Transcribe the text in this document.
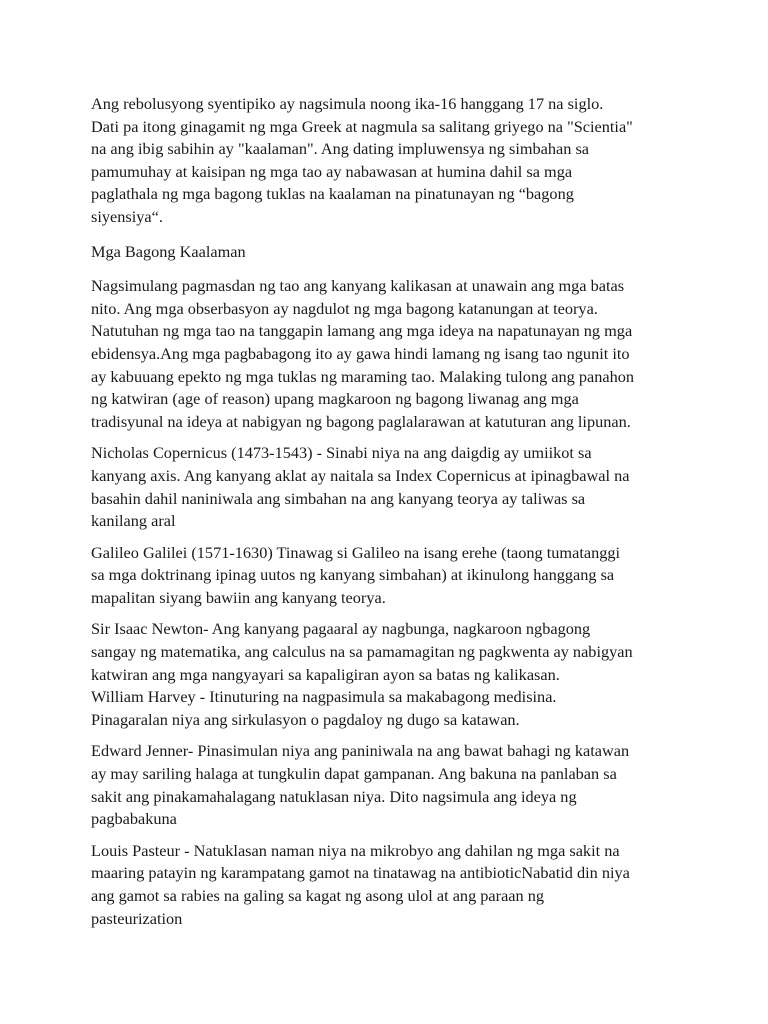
Ang rebolusyong syentipiko ay nagsimula noong ika-16 hanggang 17 na siglo.
Dati pa itong ginagamit ng mga Greek at nagmula sa salitang griyego na "Scientia"
na ang ibig sabihin ay "kaalaman". Ang dating impluwensya ng simbahan sa
pamumuhay at kaisipan ng mga tao ay nabawasan at humina dahil sa mga
paglathala ng mga bagong tuklas na kaalaman na pinatunayan ng “bagong
siyensiya“.

Mga Bagong Kaalaman

Nagsimulang pagmasdan ng tao ang kanyang kalikasan at unawain ang mga batas
nito. Ang mga obserbasyon ay nagdulot ng mga bagong katanungan at teorya.
Natutuhan ng mga tao na tanggapin lamang ang mga ideya na napatunayan ng mga
ebidensya.Ang mga pagbabagong ito ay gawa hindi lamang ng isang tao ngunit ito
ay kabuuang epekto ng mga tuklas ng maraming tao. Malaking tulong ang panahon
ng katwiran (age of reason) upang magkaroon ng bagong liwanag ang mga
tradisyunal na ideya at nabigyan ng bagong paglalarawan at katuturan ang lipunan.

Nicholas Copernicus (1473-1543) - Sinabi niya na ang daigdig ay umiikot sa
kanyang axis. Ang kanyang aklat ay naitala sa Index Copernicus at ipinagbawal na
basahin dahil naniniwala ang simbahan na ang kanyang teorya ay taliwas sa
kanilang aral

Galileo Galilei (1571-1630) Tinawag si Galileo na isang erehe (taong tumatanggi
sa mga doktrinang ipinag uutos ng kanyang simbahan) at ikinulong hanggang sa
mapalitan siyang bawiin ang kanyang teorya.

Sir Isaac Newton- Ang kanyang pagaaral ay nagbunga, nagkaroon ngbagong
sangay ng matematika, ang calculus na sa pamamagitan ng pagkwenta ay nabigyan
katwiran ang mga nangyayari sa kapaligiran ayon sa batas ng kalikasan.

William Harvey - Itinuturing na nagpasimula sa makabagong medisina.
Pinagaralan niya ang sirkulasyon o pagdaloy ng dugo sa katawan.

Edward Jenner- Pinasimulan niya ang paniniwala na ang bawat bahagi ng katawan
ay may sariling halaga at tungkulin dapat gampanan. Ang bakuna na panlaban sa
sakit ang pinakamahalagang natuklasan niya. Dito nagsimula ang ideya ng
pagbabakuna

Louis Pasteur - Natuklasan naman niya na mikrobyo ang dahilan ng mga sakit na
maaring patayin ng karampatang gamot na tinatawag na antibioticNabatid din niya
ang gamot sa rabies na galing sa kagat ng asong ulol at ang paraan ng
pasteurization
